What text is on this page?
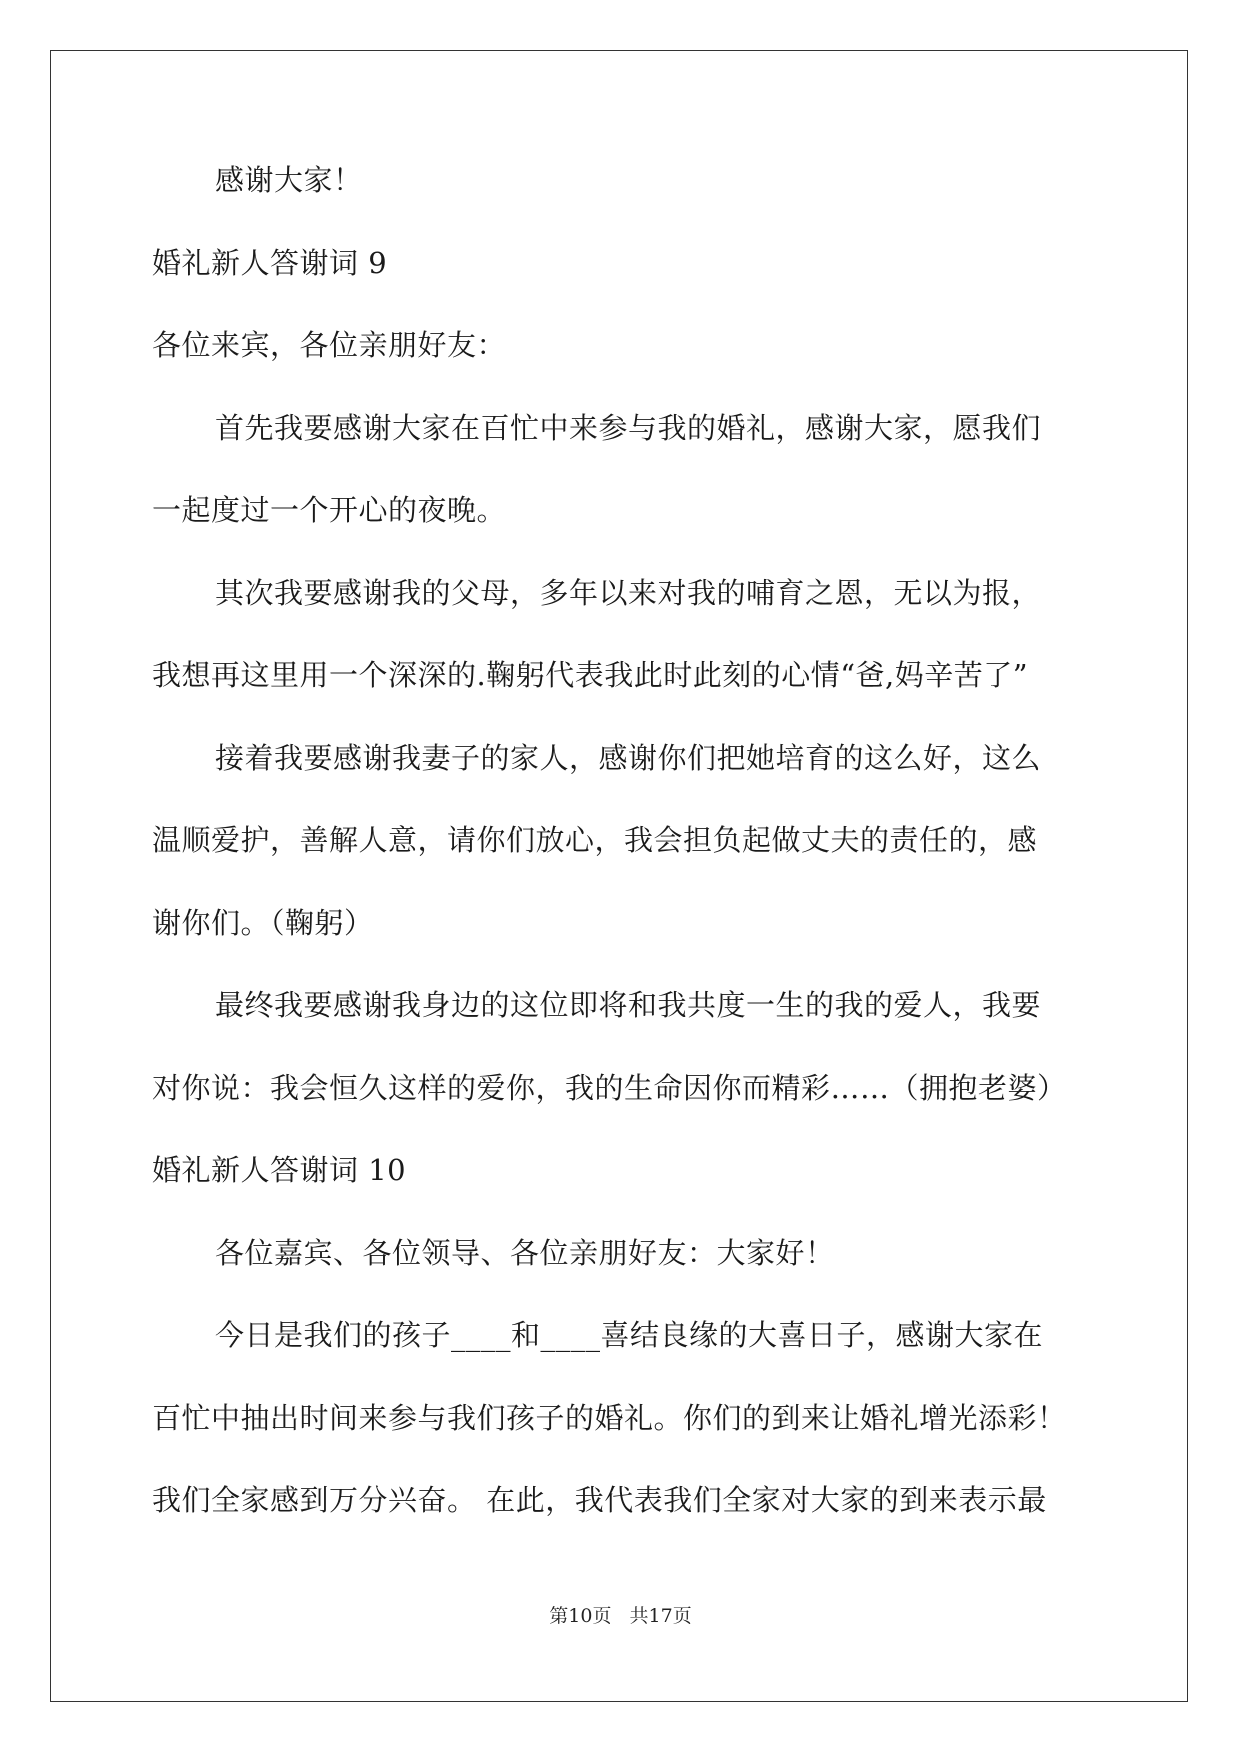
感谢大家！
婚礼新人答谢词 9
各位来宾，各位亲朋好友：
首先我要感谢大家在百忙中来参与我的婚礼，感谢大家，愿我们
一起度过一个开心的夜晚。
其次我要感谢我的父母，多年以来对我的哺育之恩，无以为报，
我想再这里用一个深深的.鞠躬代表我此时此刻的心情“爸,妈辛苦了”
接着我要感谢我妻子的家人，感谢你们把她培育的这么好，这么
温顺爱护，善解人意，请你们放心，我会担负起做丈夫的责任的，感
谢你们。（鞠躬）
最终我要感谢我身边的这位即将和我共度一生的我的爱人，我要
对你说：我会恒久这样的爱你，我的生命因你而精彩……（拥抱老婆）
婚礼新人答谢词 10
各位嘉宾、各位领导、各位亲朋好友：大家好！
今日是我们的孩子____和____喜结良缘的大喜日子，感谢大家在
百忙中抽出时间来参与我们孩子的婚礼。你们的到来让婚礼增光添彩！
我们全家感到万分兴奋。 在此，我代表我们全家对大家的到来表示最
第10页 共17页
